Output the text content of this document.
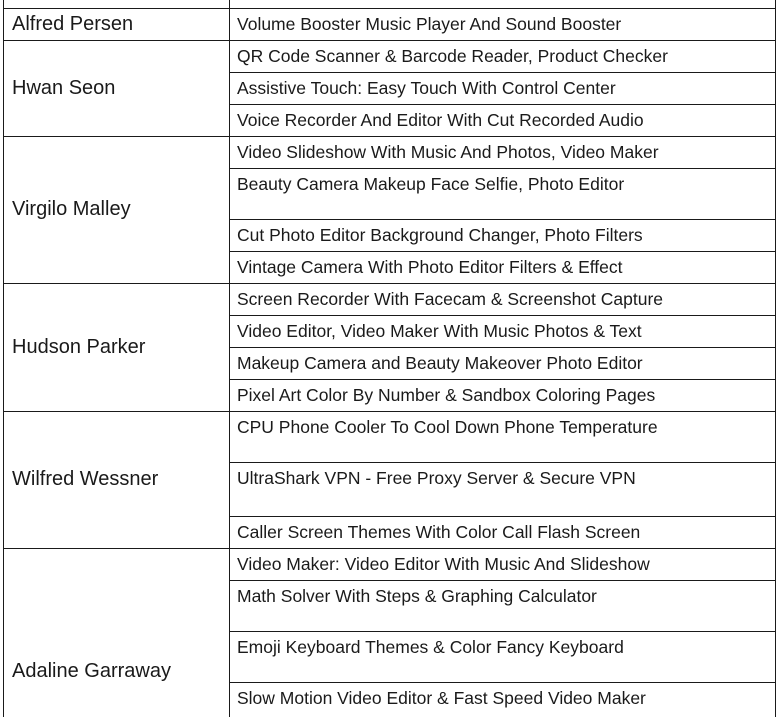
Alfred Persen	Volume Booster Music Player And Sound Booster
Hwan Seon
QR Code Scanner & Barcode Reader, Product Checker
Assistive Touch: Easy Touch With Control Center
Voice Recorder And Editor With Cut Recorded Audio
Virgilo Malley
Video Slideshow With Music And Photos, Video Maker
Beauty Camera Makeup Face Selfie, Photo Editor
Cut Photo Editor Background Changer, Photo Filters
Vintage Camera With Photo Editor Filters & Effect
Hudson Parker
Screen Recorder With Facecam & Screenshot Capture
Video Editor, Video Maker With Music Photos & Text
Makeup Camera and Beauty Makeover Photo Editor
Pixel Art Color By Number & Sandbox Coloring Pages
Wilfred Wessner
CPU Phone Cooler To Cool Down Phone Temperature
UltraShark VPN - Free Proxy Server & Secure VPN
Caller Screen Themes With Color Call Flash Screen
Adaline Garraway
Video Maker: Video Editor With Music And Slideshow
Math Solver With Steps & Graphing Calculator
Emoji Keyboard Themes & Color Fancy Keyboard
Slow Motion Video Editor & Fast Speed Video Maker
